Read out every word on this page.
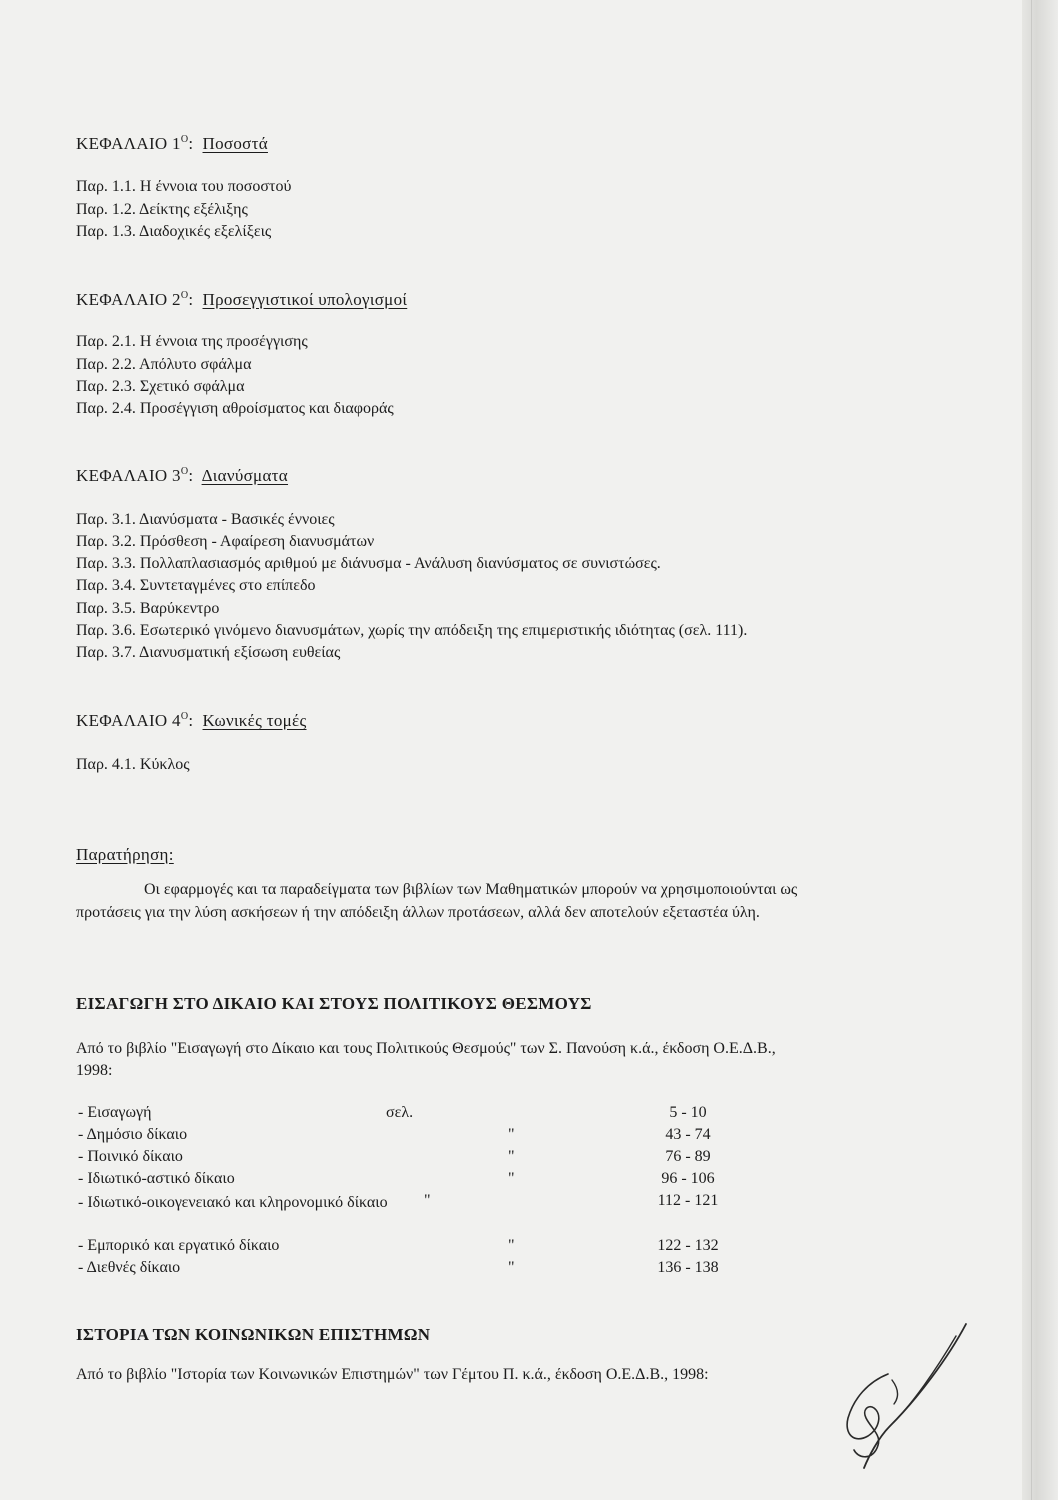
ΚΕΦΑΛΑΙΟ $1^O$: Ποσοστά
Παρ. 1.1. Η έννοια του ποσοστού
Παρ. 1.2. Δείκτης εξέλιξης
Παρ. 1.3. Διαδοχικές εξελίξεις
ΚΕΦΑΛΑΙΟ $2^O$: Προσεγγιστικοί υπολογισμοί
Παρ. 2.1. Η έννοια της προσέγγισης
Παρ. 2.2. Απόλυτο σφάλμα
Παρ. 2.3. Σχετικό σφάλμα
Παρ. 2.4. Προσέγγιση αθροίσματος και διαφοράς
ΚΕΦΑΛΑΙΟ $3^O$: Διανύσματα
Παρ. 3.1. Διανύσματα - Βασικές έννοιες
Παρ. 3.2. Πρόσθεση - Αφαίρεση διανυσμάτων
Παρ. 3.3. Πολλαπλασιασμός αριθμού με διάνυσμα - Ανάλυση διανύσματος σε συνιστώσες.
Παρ. 3.4. Συντεταγμένες στο επίπεδο
Παρ. 3.5. Βαρύκεντρο
Παρ. 3.6. Εσωτερικό γινόμενο διανυσμάτων, χωρίς την απόδειξη της επιμεριστικής ιδιότητας (σελ. 111).
Παρ. 3.7. Διανυσματική εξίσωση ευθείας
ΚΕΦΑΛΑΙΟ $4^O$: Κωνικές τομές
Παρ. 4.1. Κύκλος
Παρατήρηση:
Οι εφαρμογές και τα παραδείγματα των βιβλίων των Μαθηματικών μπορούν να χρησιμοποιούνται ως
προτάσεις για την λύση ασκήσεων ή την απόδειξη άλλων προτάσεων, αλλά δεν αποτελούν εξεταστέα ύλη.
ΕΙΣΑΓΩΓΗ ΣΤΟ ΔΙΚΑΙΟ ΚΑΙ ΣΤΟΥΣ ΠΟΛΙΤΙΚΟΥΣ ΘΕΣΜΟΥΣ
Από το βιβλίο "Εισαγωγή στο Δίκαιο και τους Πολιτικούς Θεσμούς" των Σ. Πανούση κ.ά., έκδοση Ο.Ε.Δ.Β.,
1998:
- Εισαγωγή	σελ.	5 - 10
- Δημόσιο δίκαιο	"	43 - 74
- Ποινικό δίκαιο	"	76 - 89
- Ιδιωτικό-αστικό δίκαιο	"	96 - 106
- Ιδιωτικό-οικογενειακό και κληρονομικό δίκαιο	"	112 - 121
- Εμπορικό και εργατικό δίκαιο	"	122 - 132
- Διεθνές δίκαιο	"	136 - 138
ΙΣΤΟΡΙΑ ΤΩΝ ΚΟΙΝΩΝΙΚΩΝ ΕΠΙΣΤΗΜΩΝ
Από το βιβλίο "Ιστορία των Κοινωνικών Επιστημών" των Γέμτου Π. κ.ά., έκδοση Ο.Ε.Δ.Β., 1998:
